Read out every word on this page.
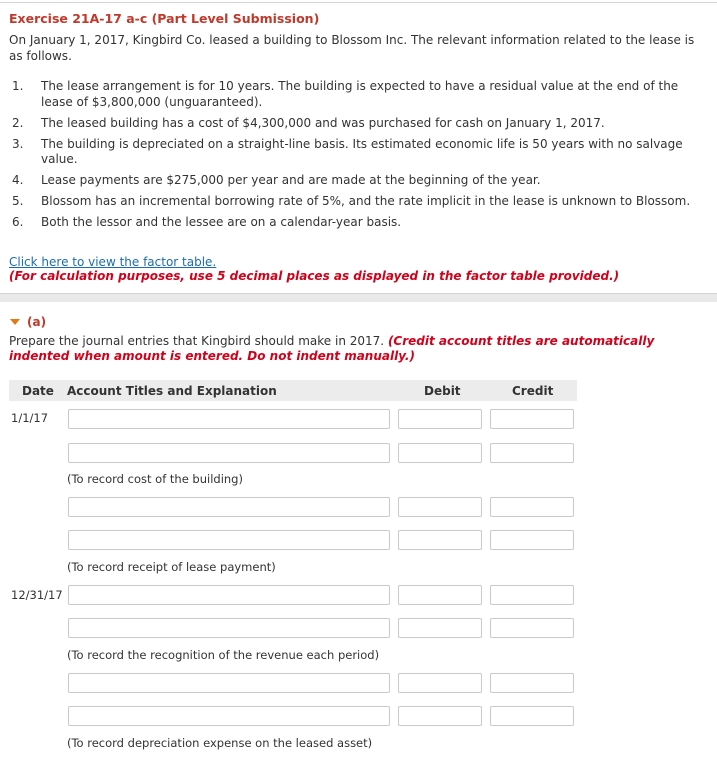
Exercise 21A-17 a-c (Part Level Submission)
On January 1, 2017, Kingbird Co. leased a building to Blossom Inc. The relevant information related to the lease is as follows.
1. The lease arrangement is for 10 years. The building is expected to have a residual value at the end of the lease of $3,800,000 (unguaranteed).
2. The leased building has a cost of $4,300,000 and was purchased for cash on January 1, 2017.
3. The building is depreciated on a straight-line basis. Its estimated economic life is 50 years with no salvage value.
4. Lease payments are $275,000 per year and are made at the beginning of the year.
5. Blossom has an incremental borrowing rate of 5%, and the rate implicit in the lease is unknown to Blossom.
6. Both the lessor and the lessee are on a calendar-year basis.
Click here to view the factor table.
(For calculation purposes, use 5 decimal places as displayed in the factor table provided.)
(a)
Prepare the journal entries that Kingbird should make in 2017. (Credit account titles are automatically indented when amount is entered. Do not indent manually.)
Date Account Titles and Explanation	Debit	Credit
1/1/17
(To record cost of the building)
(To record receipt of lease payment)
12/31/17
(To record the recognition of the revenue each period)
(To record depreciation expense on the leased asset)
